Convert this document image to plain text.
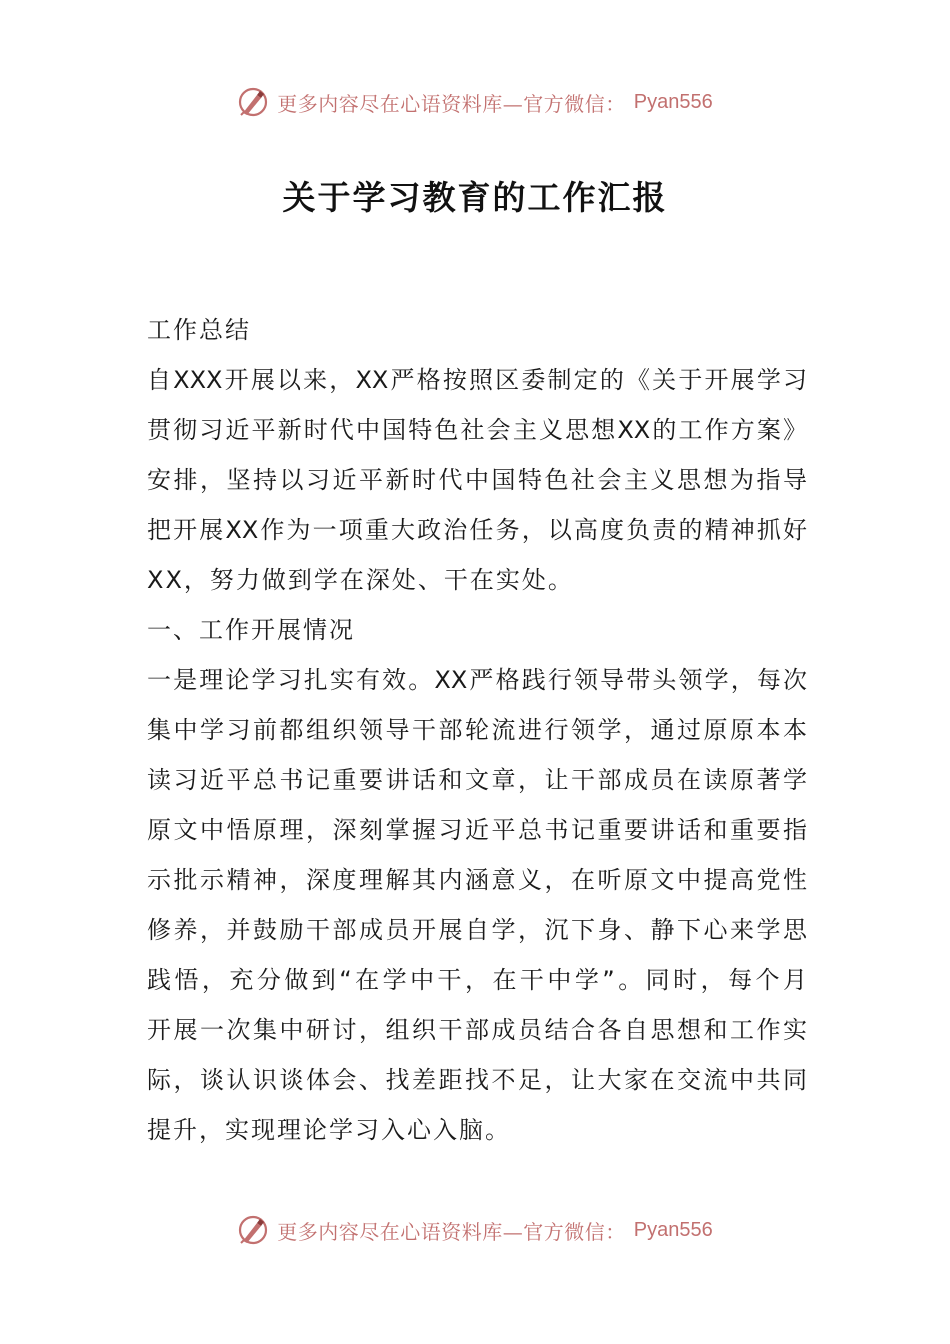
更多内容尽在心语资料库—官方微信： Pyan556
关于学习教育的工作汇报
工作总结
自XXX开展以来，XX严格按照区委制定的《关于开展学习
贯彻习近平新时代中国特色社会主义思想XX的工作方案》
安排，坚持以习近平新时代中国特色社会主义思想为指导
把开展XX作为一项重大政治任务，以高度负责的精神抓好
XX，努力做到学在深处、干在实处。
一、工作开展情况
一是理论学习扎实有效。XX严格践行领导带头领学，每次
集中学习前都组织领导干部轮流进行领学，通过原原本本
读习近平总书记重要讲话和文章，让干部成员在读原著学
原文中悟原理，深刻掌握习近平总书记重要讲话和重要指
示批示精神，深度理解其内涵意义，在听原文中提高党性
修养，并鼓励干部成员开展自学，沉下身、静下心来学思
践悟，充分做到“在学中干，在干中学”。同时，每个月
开展一次集中研讨，组织干部成员结合各自思想和工作实
际，谈认识谈体会、找差距找不足，让大家在交流中共同
提升，实现理论学习入心入脑。
更多内容尽在心语资料库—官方微信： Pyan556
